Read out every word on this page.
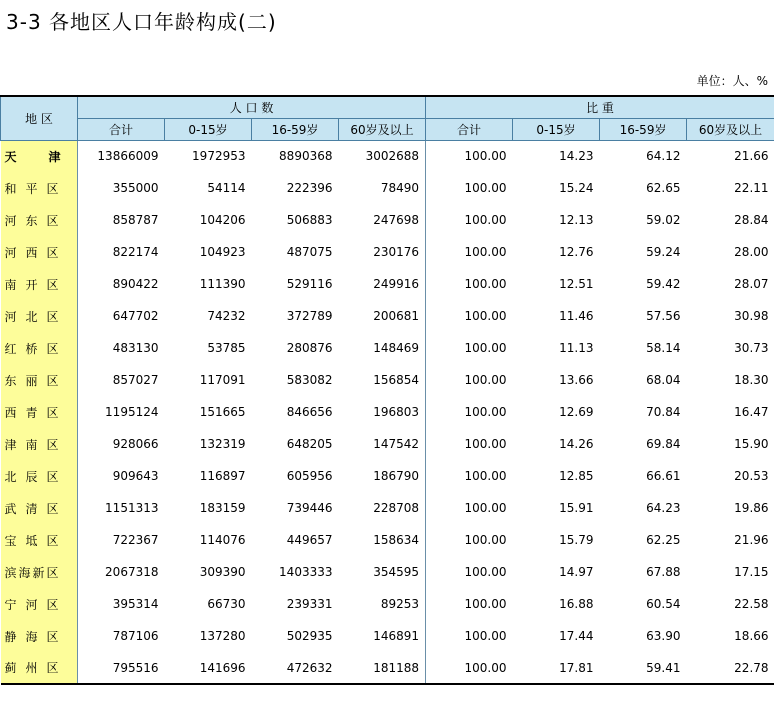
3-3 各地区人口年龄构成(二)
单位：人、%
地 区	人 口 数				比 重			
	合计	0-15岁	16-59岁	60岁及以上	合计	0-15岁	16-59岁	60岁及以上
天津	13866009	1972953	8890368	3002688	100.00	14.23	64.12	21.66
和平区	355000	54114	222396	78490	100.00	15.24	62.65	22.11
河东区	858787	104206	506883	247698	100.00	12.13	59.02	28.84
河西区	822174	104923	487075	230176	100.00	12.76	59.24	28.00
南开区	890422	111390	529116	249916	100.00	12.51	59.42	28.07
河北区	647702	74232	372789	200681	100.00	11.46	57.56	30.98
红桥区	483130	53785	280876	148469	100.00	11.13	58.14	30.73
东丽区	857027	117091	583082	156854	100.00	13.66	68.04	18.30
西青区	1195124	151665	846656	196803	100.00	12.69	70.84	16.47
津南区	928066	132319	648205	147542	100.00	14.26	69.84	15.90
北辰区	909643	116897	605956	186790	100.00	12.85	66.61	20.53
武清区	1151313	183159	739446	228708	100.00	15.91	64.23	19.86
宝坻区	722367	114076	449657	158634	100.00	15.79	62.25	21.96
滨海新区	2067318	309390	1403333	354595	100.00	14.97	67.88	17.15
宁河区	395314	66730	239331	89253	100.00	16.88	60.54	22.58
静海区	787106	137280	502935	146891	100.00	17.44	63.90	18.66
蓟州区	795516	141696	472632	181188	100.00	17.81	59.41	22.78
